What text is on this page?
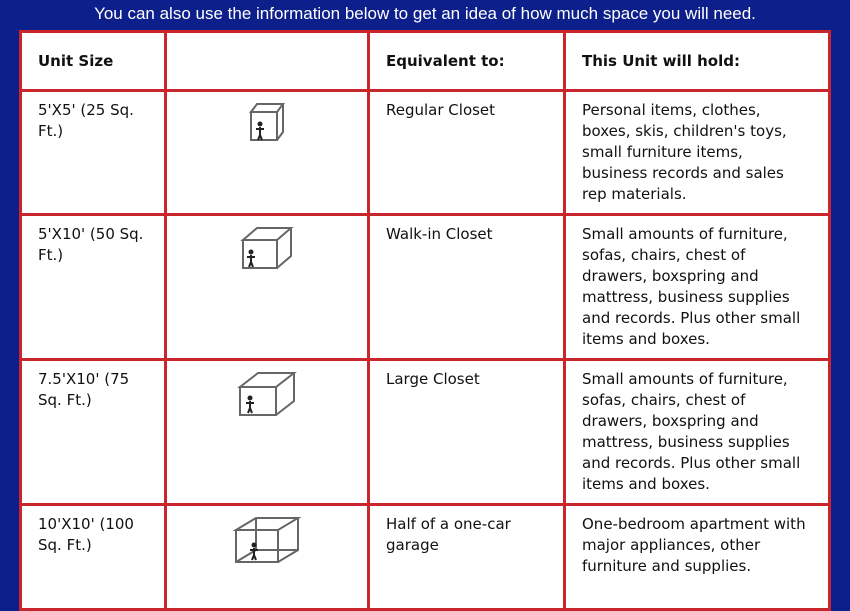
You can also use the information below to get an idea of how much space you will need.
Unit Size		Equivalent to:	This Unit will hold:
5'X5' (25 Sq. Ft.)		Regular Closet	Personal items, clothes, boxes, skis, children's toys, small furniture items, business records and sales rep materials.
5'X10' (50 Sq. Ft.)		Walk-in Closet	Small amounts of furniture, sofas, chairs, chest of drawers, boxspring and mattress, business supplies and records. Plus other small items and boxes.
7.5'X10' (75 Sq. Ft.)		Large Closet	Small amounts of furniture, sofas, chairs, chest of drawers, boxspring and mattress, business supplies and records. Plus other small items and boxes.
10'X10' (100 Sq. Ft.)		Half of a one-car garage	One-bedroom apartment with major appliances, other furniture and supplies.
